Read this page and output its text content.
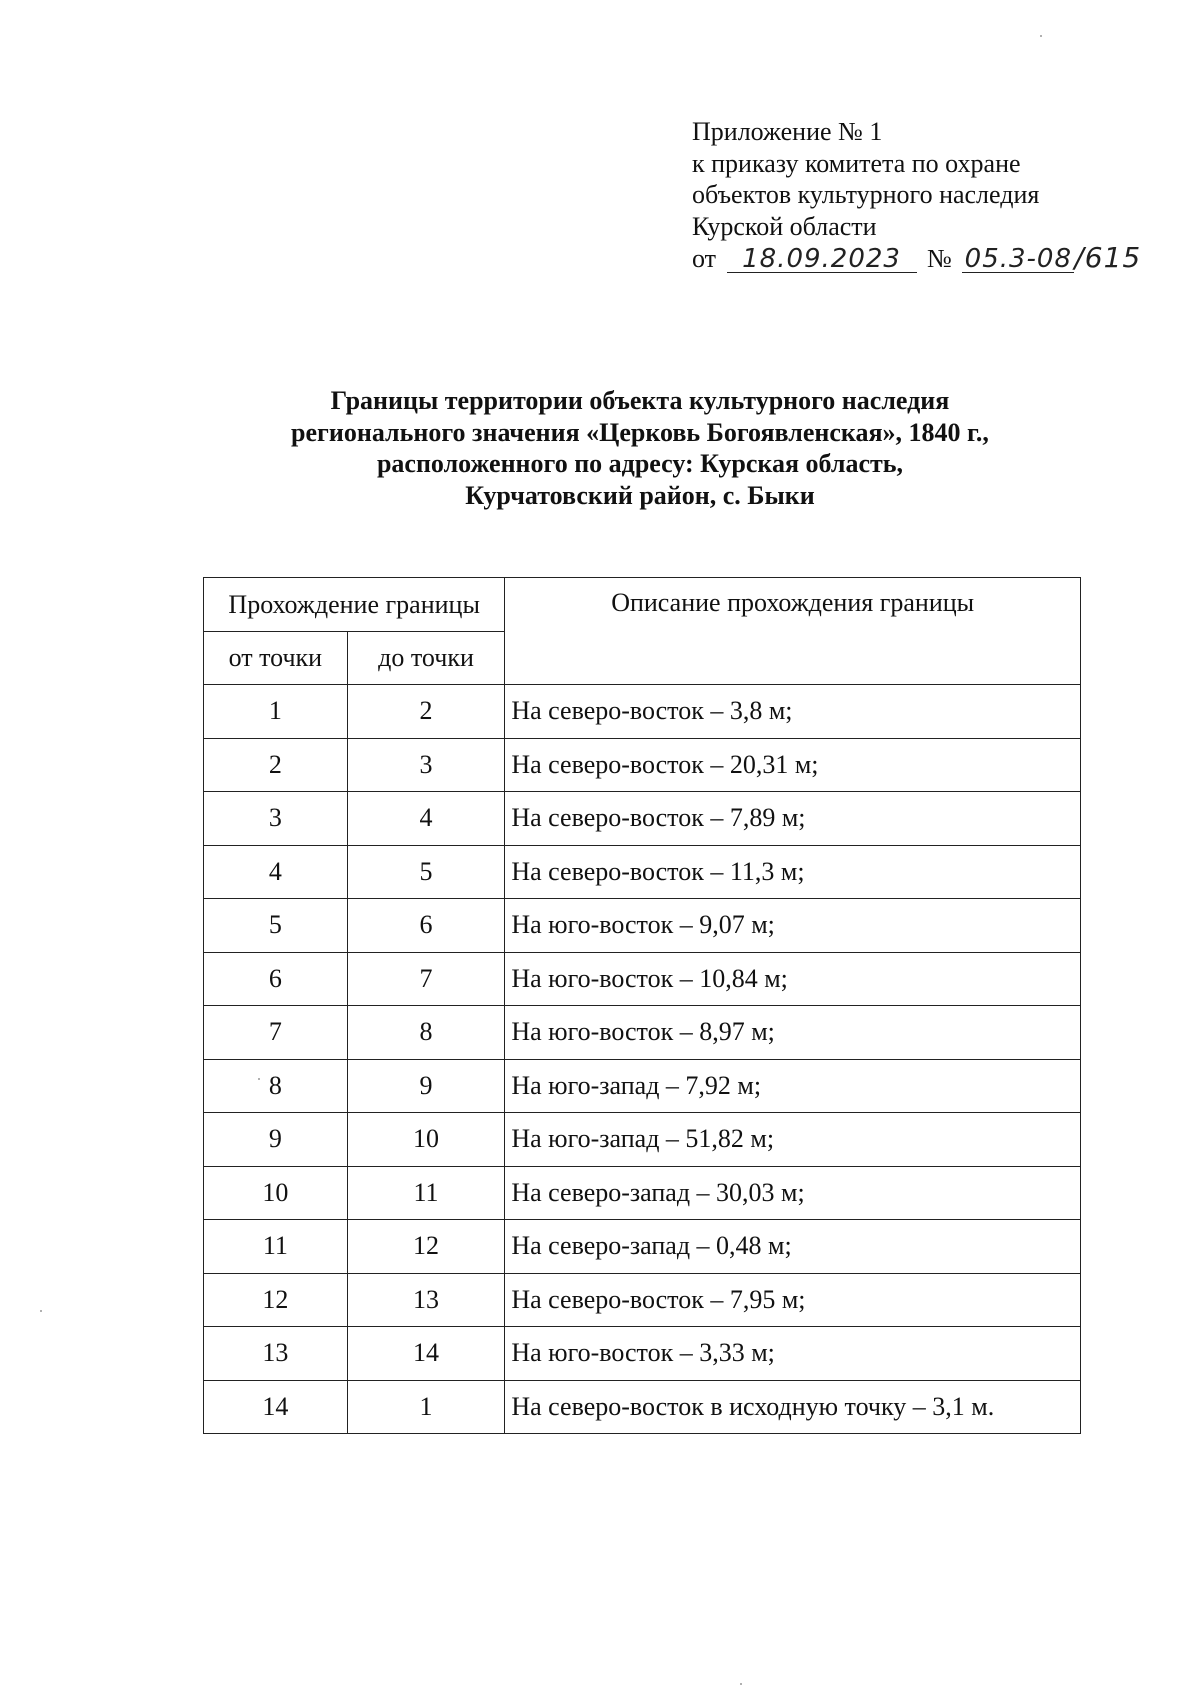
Приложение № 1
к приказу комитета по охране
объектов культурного наследия
Курской области
от 18.09.2023 № 05.3-08/615
Границы территории объекта культурного наследия
регионального значения «Церковь Богоявленская», 1840 г.,
расположенного по адресу: Курская область,
Курчатовский район, с. Быки
Прохождение границы		Описание прохождения границы
от точки	до точки	
1	2	На северо-восток – 3,8 м;
2	3	На северо-восток – 20,31 м;
3	4	На северо-восток – 7,89 м;
4	5	На северо-восток – 11,3 м;
5	6	На юго-восток – 9,07 м;
6	7	На юго-восток – 10,84 м;
7	8	На юго-восток – 8,97 м;
8	9	На юго-запад – 7,92 м;
9	10	На юго-запад – 51,82 м;
10	11	На северо-запад – 30,03 м;
11	12	На северо-запад – 0,48 м;
12	13	На северо-восток – 7,95 м;
13	14	На юго-восток – 3,33 м;
14	1	На северо-восток в исходную точку – 3,1 м.
